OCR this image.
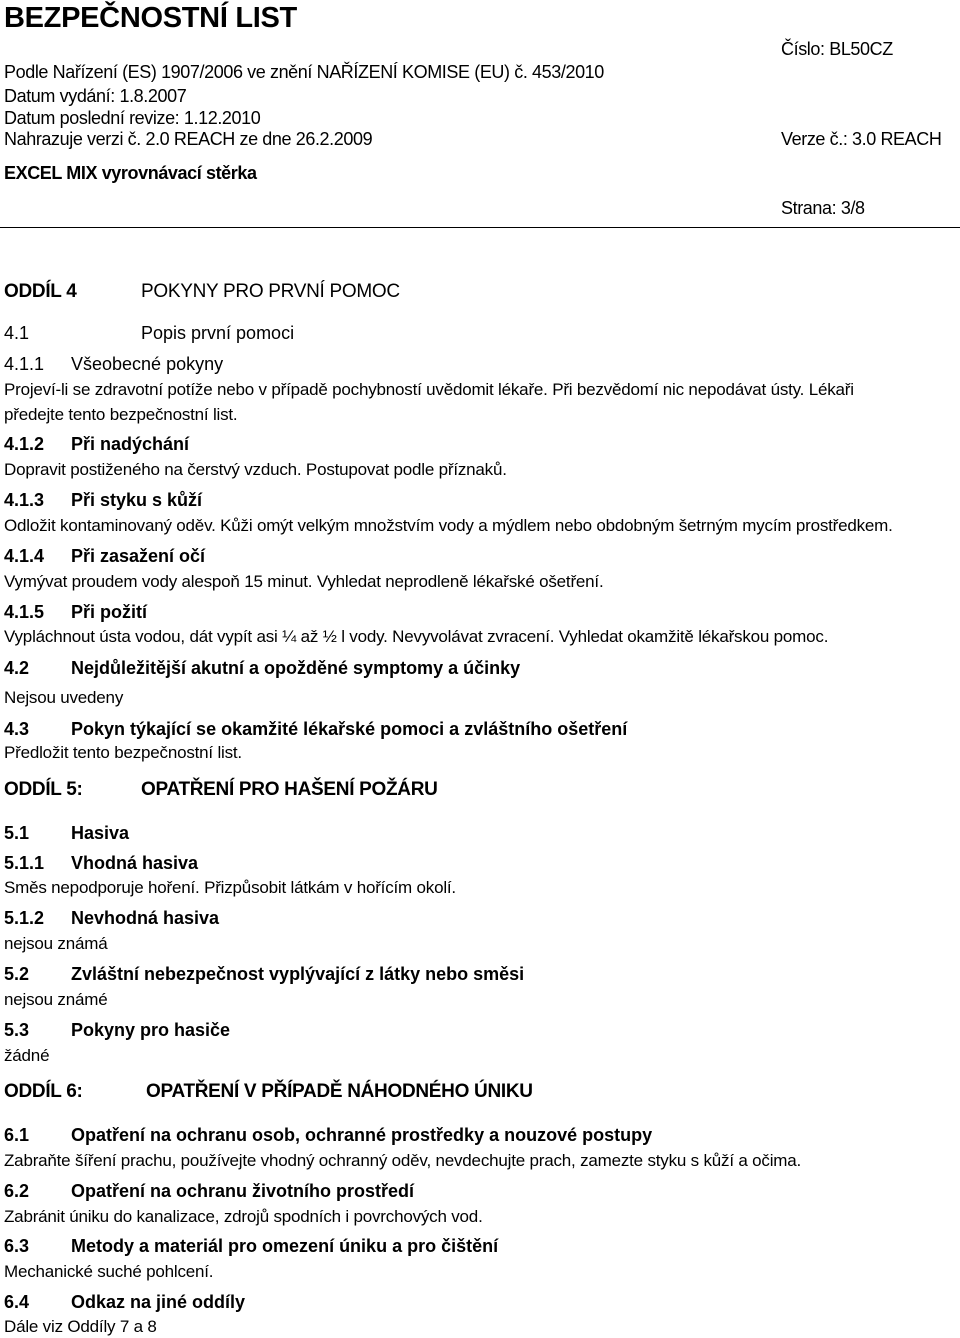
BEZPEČNOSTNÍ LIST
Podle Nařízení (ES) 1907/2006 ve znění NAŘÍZENÍ KOMISE (EU) č. 453/2010
Datum vydání: 1.8.2007
Datum poslední revize: 1.12.2010
Nahrazuje verzi č. 2.0 REACH ze dne 26.2.2009
EXCEL MIX vyrovnávací stěrka
Číslo: BL50CZ
Verze č.: 3.0 REACH
Strana: 3/8
ODDÍL 4	POKYNY PRO PRVNÍ POMOC
4.1	Popis první pomoci
4.1.1 Všeobecné pokyny
Projeví-li se zdravotní potíže nebo v případě pochybností uvědomit lékaře. Při bezvědomí nic nepodávat ústy. Lékaři
předejte tento bezpečnostní list.
4.1.2 Při nadýchání
Dopravit postiženého na čerstvý vzduch. Postupovat podle příznaků.
4.1.3 Při styku s kůží
Odložit kontaminovaný oděv. Kůži omýt velkým množstvím vody a mýdlem nebo obdobným šetrným mycím prostředkem.
4.1.4 Při zasažení očí
Vymývat proudem vody alespoň 15 minut. Vyhledat neprodleně lékařské ošetření.
4.1.5 Při požití
Vypláchnout ústa vodou, dát vypít asi ¼ až ½ l vody. Nevyvolávat zvracení. Vyhledat okamžitě lékařskou pomoc.
4.2 Nejdůležitější akutní a opožděné symptomy a účinky
Nejsou uvedeny
4.3 Pokyn týkající se okamžité lékařské pomoci a zvláštního ošetření
Předložit tento bezpečnostní list.
ODDÍL 5:	OPATŘENÍ PRO HAŠENÍ POŽÁRU
5.1 Hasiva
5.1.1 Vhodná hasiva
Směs nepodporuje hoření. Přizpůsobit látkám v hořícím okolí.
5.1.2 Nevhodná hasiva
nejsou známá
5.2 Zvláštní nebezpečnost vyplývající z látky nebo směsi
nejsou známé
5.3 Pokyny pro hasiče
žádné
ODDÍL 6:	OPATŘENÍ V PŘÍPADĚ NÁHODNÉHO ÚNIKU
6.1 Opatření na ochranu osob, ochranné prostředky a nouzové postupy
Zabraňte šíření prachu, používejte vhodný ochranný oděv, nevdechujte prach, zamezte styku s kůží a očima.
6.2 Opatření na ochranu životního prostředí
Zabránit úniku do kanalizace, zdrojů spodních i povrchových vod.
6.3 Metody a materiál pro omezení úniku a pro čištění
Mechanické suché pohlcení.
6.4 Odkaz na jiné oddíly
Dále viz Oddíly 7 a 8
